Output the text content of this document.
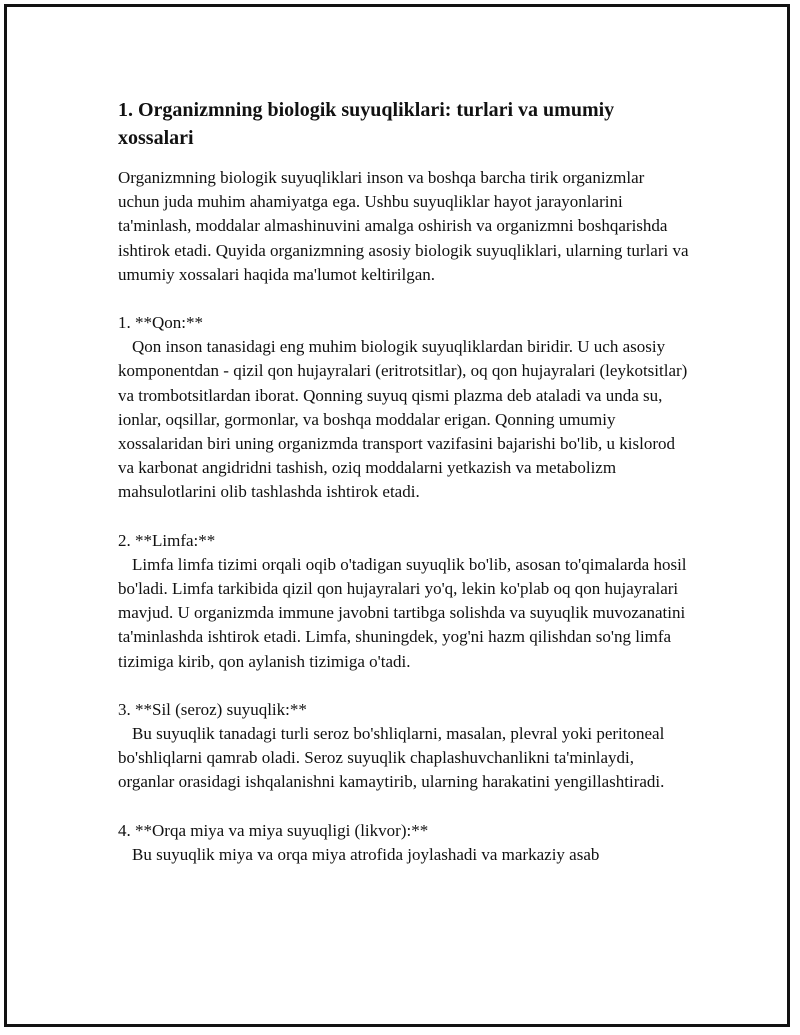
1. Organizmning biologik suyuqliklari: turlari va umumiy xossalari

Organizmning biologik suyuqliklari inson va boshqa barcha tirik organizmlar uchun juda muhim ahamiyatga ega. Ushbu suyuqliklar hayot jarayonlarini ta'minlash, moddalar almashinuvini amalga oshirish va organizmni boshqarishda ishtirok etadi. Quyida organizmning asosiy biologik suyuqliklari, ularning turlari va umumiy xossalari haqida ma'lumot keltirilgan.

1. **Qon:**

Qon inson tanasidagi eng muhim biologik suyuqliklardan biridir. U uch asosiy komponentdan - qizil qon hujayralari (eritrotsitlar), oq qon hujayralari (leykotsitlar) va trombotsitlardan iborat. Qonning suyuq qismi plazma deb ataladi va unda su, ionlar, oqsillar, gormonlar, va boshqa moddalar erigan. Qonning umumiy xossalaridan biri uning organizmda transport vazifasini bajarishi bo'lib, u kislorod va karbonat angidridni tashish, oziq moddalarni yetkazish va metabolizm mahsulotlarini olib tashlashda ishtirok etadi.

2. **Limfa:**

Limfa limfa tizimi orqali oqib o'tadigan suyuqlik bo'lib, asosan to'qimalarda hosil bo'ladi. Limfa tarkibida qizil qon hujayralari yo'q, lekin ko'plab oq qon hujayralari mavjud. U organizmda immune javobni tartibga solishda va suyuqlik muvozanatini ta'minlashda ishtirok etadi. Limfa, shuningdek, yog'ni hazm qilishdan so'ng limfa tizimiga kirib, qon aylanish tizimiga o'tadi.

3. **Sil (seroz) suyuqlik:**

Bu suyuqlik tanadagi turli seroz bo'shliqlarni, masalan, plevral yoki peritoneal bo'shliqlarni qamrab oladi. Seroz suyuqlik chaplashuvchanlikni ta'minlaydi, organlar orasidagi ishqalanishni kamaytirib, ularning harakatini yengillashtiradi.

4. **Orqa miya va miya suyuqligi (likvor):**

Bu suyuqlik miya va orqa miya atrofida joylashadi va markaziy asab
